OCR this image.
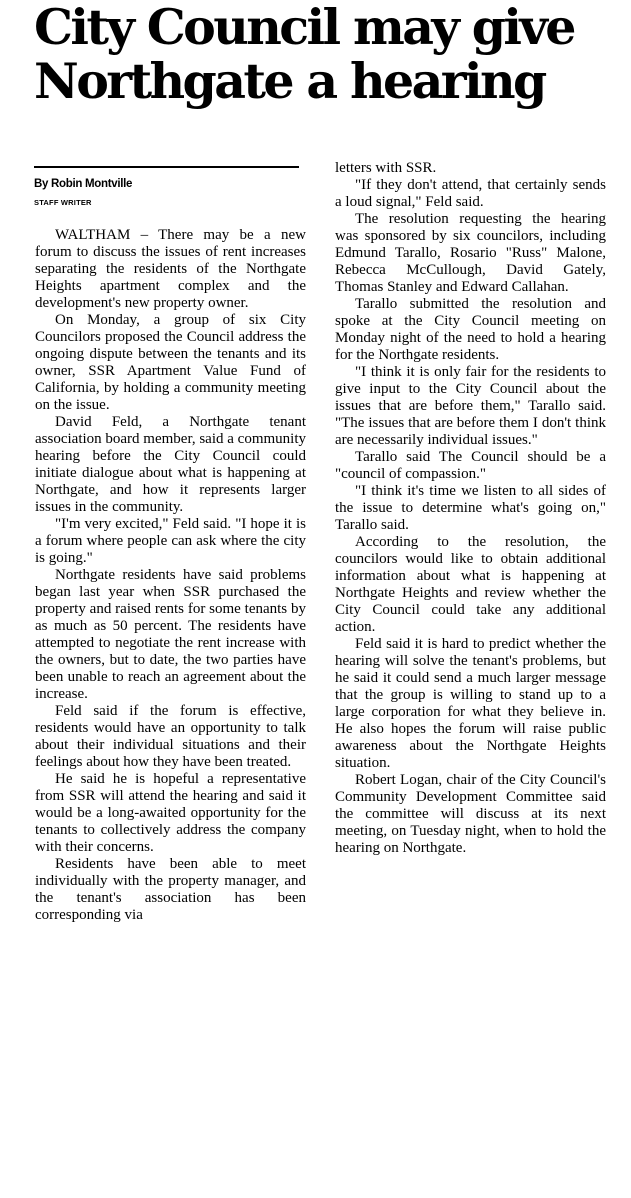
City Council may give Northgate a hearing
By Robin Montville
STAFF WRITER

WALTHAM – There may be a new forum to discuss the issues of rent increases separating the residents of the Northgate Heights apartment complex and the development's new property owner.

On Monday, a group of six City Councilors proposed the Council address the ongoing dispute between the tenants and its owner, SSR Apartment Value Fund of California, by holding a community meeting on the issue.

David Feld, a Northgate tenant association board member, said a community hearing before the City Council could initiate dialogue about what is happening at Northgate, and how it represents larger issues in the community.

"I'm very excited," Feld said. "I hope it is a forum where people can ask where the city is going."

Northgate residents have said problems began last year when SSR purchased the property and raised rents for some tenants by as much as 50 percent. The residents have attempted to negotiate the rent increase with the owners, but to date, the two parties have been unable to reach an agreement about the increase.

Feld said if the forum is effective, residents would have an opportunity to talk about their individual situations and their feelings about how they have been treated.

He said he is hopeful a representative from SSR will attend the hearing and said it would be a long-awaited opportunity for the tenants to collectively address the company with their concerns.

Residents have been able to meet individually with the property manager, and the tenant's association has been corresponding via

letters with SSR.

"If they don't attend, that certainly sends a loud signal," Feld said.

The resolution requesting the hearing was sponsored by six councilors, including Edmund Tarallo, Rosario "Russ" Malone, Rebecca McCullough, David Gately, Thomas Stanley and Edward Callahan.

Tarallo submitted the resolution and spoke at the City Council meeting on Monday night of the need to hold a hearing for the Northgate residents.

"I think it is only fair for the residents to give input to the City Council about the issues that are before them," Tarallo said. "The issues that are before them I don't think are necessarily individual issues."

Tarallo said The Council should be a "council of compassion."

"I think it's time we listen to all sides of the issue to determine what's going on," Tarallo said.

According to the resolution, the councilors would like to obtain additional information about what is happening at Northgate Heights and review whether the City Council could take any additional action.

Feld said it is hard to predict whether the hearing will solve the tenant's problems, but he said it could send a much larger message that the group is willing to stand up to a large corporation for what they believe in. He also hopes the forum will raise public awareness about the Northgate Heights situation.

Robert Logan, chair of the City Council's Community Development Committee said the committee will discuss at its next meeting, on Tuesday night, when to hold the hearing on Northgate.
